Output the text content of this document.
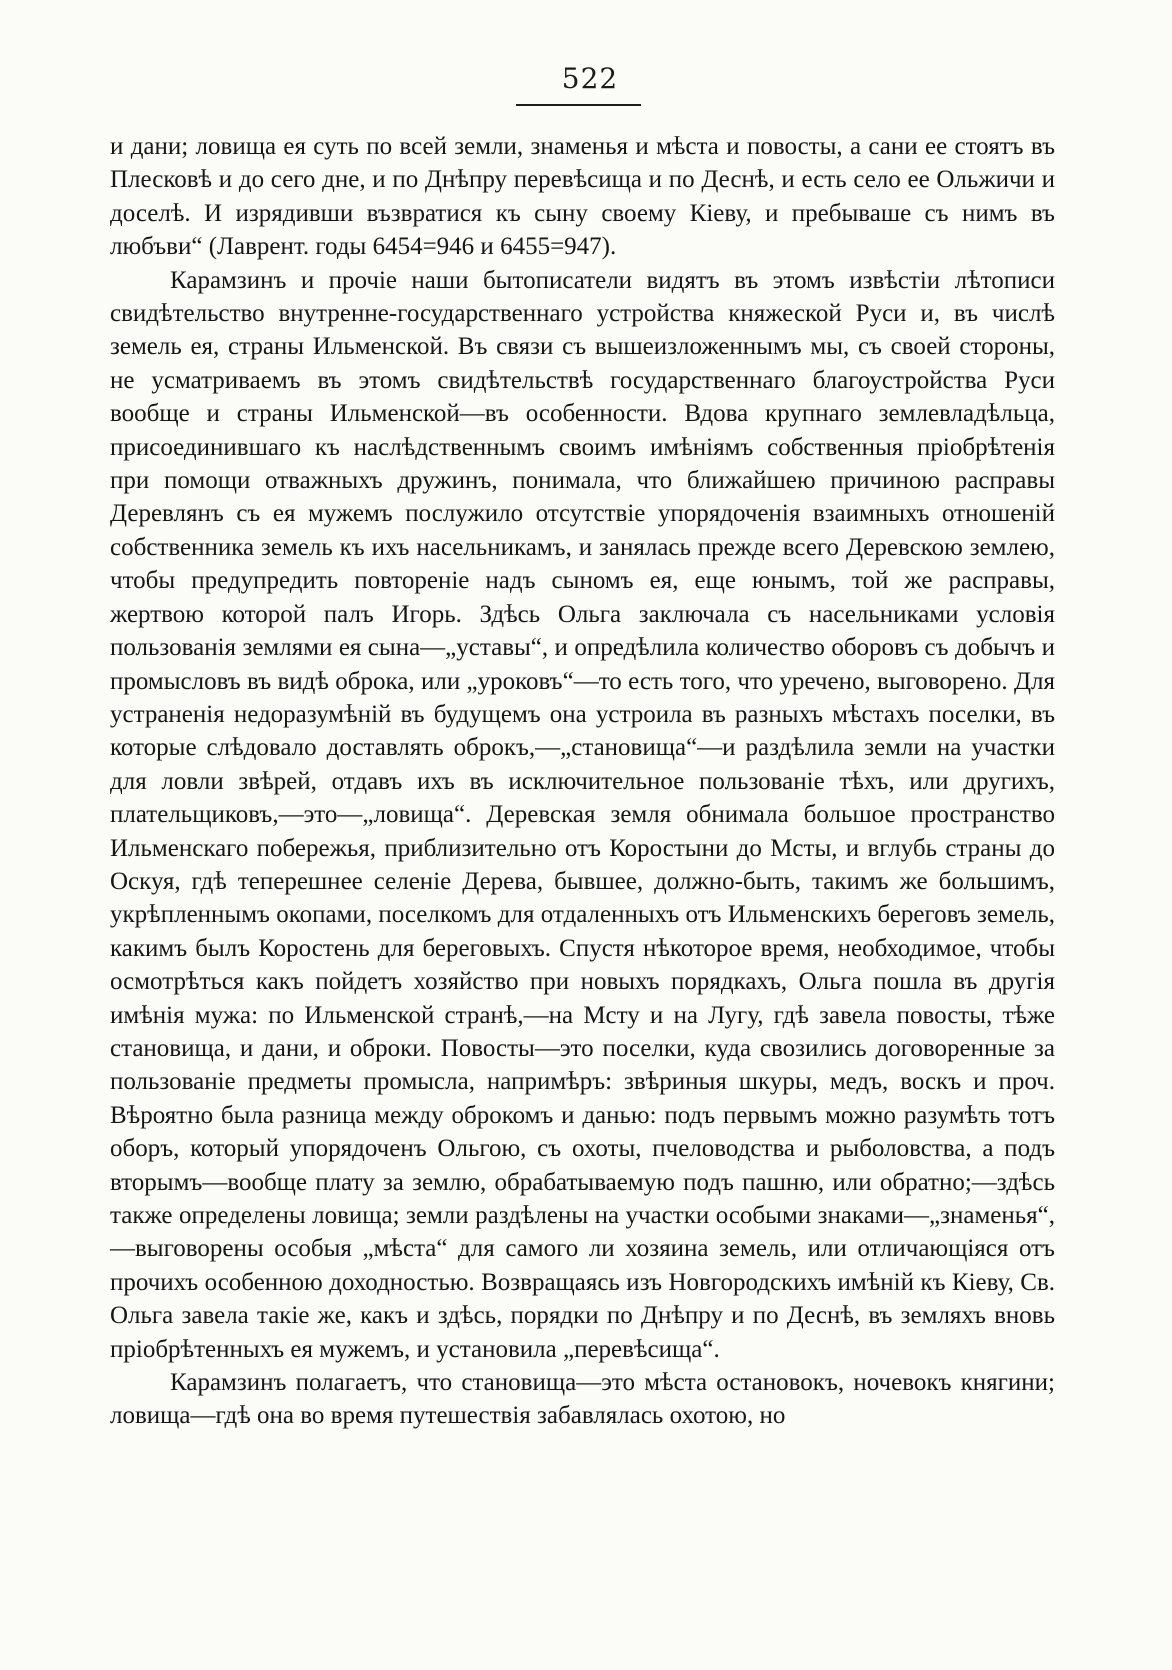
522

и дани; ловища ея суть по всей земли, знаменья и мѣста и повосты, а сани ее стоятъ въ Плесковѣ и до сего дне, и по Днѣпру перевѣсища и по Деснѣ, и есть село ее Ольжичи и доселѣ. И изрядивши възвратися къ сыну своему Кіеву, и пребываше съ нимъ въ любъви“ (Лаврент. годы 6454=946 и 6455=947).

Карамзинъ и прочіе наши бытописатели видятъ въ этомъ извѣстіи лѣтописи свидѣтельство внутренне-государственнаго устройства княжеской Руси и, въ числѣ земель ея, страны Ильменской. Въ связи съ вышеизложеннымъ мы, съ своей стороны, не усматриваемъ въ этомъ свидѣтельствѣ государственнаго благоустройства Руси вообще и страны Ильменской—въ особенности. Вдова крупнаго землевладѣльца, присоединившаго къ наслѣдственнымъ своимъ имѣніямъ собственныя пріобрѣтенія при помощи отважныхъ дружинъ, понимала, что ближайшею причиною расправы Деревлянъ съ ея мужемъ послужило отсутствіе упорядоченія взаимныхъ отношеній собственника земель къ ихъ насельникамъ, и занялась прежде всего Деревскою землею, чтобы предупредить повтореніе надъ сыномъ ея, еще юнымъ, той же расправы, жертвою которой палъ Игорь. Здѣсь Ольга заключала съ насельниками условія пользованія землями ея сына—„уставы“, и опредѣлила количество оборовъ съ добычъ и промысловъ въ видѣ оброка, или „уроковъ“—то есть того, что уречено, выговорено. Для устраненія недоразумѣній въ будущемъ она устроила въ разныхъ мѣстахъ поселки, въ которые слѣдовало доставлять оброкъ,—„становища“—и раздѣлила земли на участки для ловли звѣрей, отдавъ ихъ въ исключительное пользованіе тѣхъ, или другихъ, плательщиковъ,—это—„ловища“. Деревская земля обнимала большое пространство Ильменскаго побережья, приблизительно отъ Коростыни до Мсты, и вглубь страны до Оскуя, гдѣ теперешнее селеніе Дерева, бывшее, должно-быть, такимъ же большимъ, укрѣпленнымъ окопами, поселкомъ для отдаленныхъ отъ Ильменскихъ береговъ земель, какимъ былъ Коростень для береговыхъ. Спустя нѣкоторое время, необходимое, чтобы осмотрѣться какъ пойдетъ хозяйство при новыхъ порядкахъ, Ольга пошла въ другія имѣнія мужа: по Ильменской странѣ,—на Мсту и на Лугу, гдѣ завела повосты, тѣже становища, и дани, и оброки. Повосты—это поселки, куда свозились договоренные за пользованіе предметы промысла, напримѣръ: звѣриныя шкуры, медъ, воскъ и проч. Вѣроятно была разница между оброкомъ и данью: подъ первымъ можно разумѣть тотъ оборъ, который упорядоченъ Ольгою, съ охоты, пчеловодства и рыболовства, а подъ вторымъ—вообще плату за землю, обрабатываемую подъ пашню, или обратно;—здѣсь также определены ловища; земли раздѣлены на участки особыми знаками—„знаменья“,—выговорены особыя „мѣста“ для самого ли хозяина земель, или отличающіяся отъ прочихъ особенною доходностью. Возвращаясь изъ Новгородскихъ имѣній къ Кіеву, Св. Ольга завела такіе же, какъ и здѣсь, порядки по Днѣпру и по Деснѣ, въ земляхъ вновь пріобрѣтенныхъ ея мужемъ, и установила „перевѣсища“.

Карамзинъ полагаетъ, что становища—это мѣста остановокъ, ночевокъ княгини; ловища—гдѣ она во время путешествія забавлялась охотою, но
